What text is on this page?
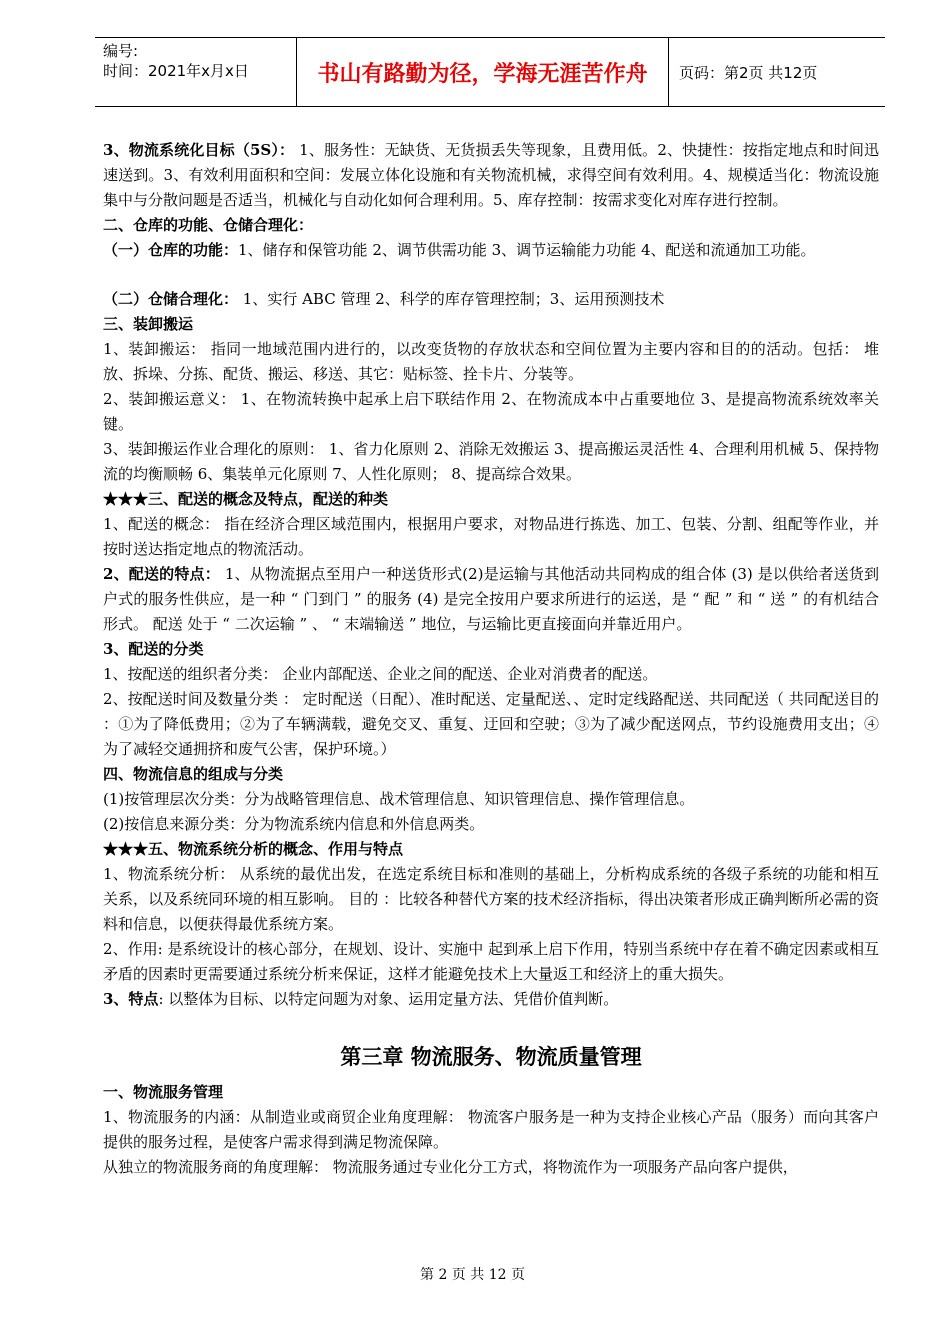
编号:
时间：2021年x月x日	书山有路勤为径，学海无涯苦作舟	页码：第2页 共12页

3、物流系统化目标（5S）： 1、服务性：无缺货、无货损丢失等现象，且费用低。2、快捷性：按指定地点和时间迅速送到。3、有效利用面积和空间：发展立体化设施和有关物流机械，求得空间有效利用。4、规模适当化：物流设施集中与分散问题是否适当，机械化与自动化如何合理利用。5、库存控制：按需求变化对库存进行控制。

二、仓库的功能、仓储合理化：

（一）仓库的功能：1、储存和保管功能 2、调节供需功能 3、调节运输能力功能 4、配送和流通加工功能。

（二）仓储合理化： 1、实行 ABC 管理 2、科学的库存管理控制；3、运用预测技术

三、装卸搬运

1、装卸搬运： 指同一地域范围内进行的，以改变货物的存放状态和空间位置为主要内容和目的的活动。包括： 堆放、拆垛、分拣、配货、搬运、移送、其它：贴标签、拴卡片、分装等。

2、装卸搬运意义： 1、在物流转换中起承上启下联结作用 2、在物流成本中占重要地位 3、是提高物流系统效率关键。

3、装卸搬运作业合理化的原则： 1、省力化原则 2、消除无效搬运 3、提高搬运灵活性 4、合理利用机械 5、保持物流的均衡顺畅 6、集装单元化原则 7、人性化原则； 8、提高综合效果。

★★★三、配送的概念及特点，配送的种类

1、配送的概念： 指在经济合理区域范围内，根据用户要求，对物品进行拣选、加工、包装、分割、组配等作业，并按时送达指定地点的物流活动。

2、配送的特点： 1、从物流据点至用户一种送货形式(2)是运输与其他活动共同构成的组合体 (3) 是以供给者送货到户式的服务性供应，是一种 “ 门到门 ” 的服务 (4) 是完全按用户要求所进行的运送，是 “ 配 ” 和 “ 送 ” 的有机结合形式。 配送 处于 “ 二次运输 ” 、 “ 末端输送 ” 地位，与运输比更直接面向并靠近用户。

3、配送的分类

1、按配送的组织者分类： 企业内部配送、企业之间的配送、企业对消费者的配送。

2、按配送时间及数量分类 ： 定时配送（日配）、准时配送、定量配送、、定时定线路配送、共同配送（ 共同配送目的 ：①为了降低费用；②为了车辆满载，避免交叉、重复、迂回和空驶；③为了减少配送网点，节约设施费用支出；④为了减轻交通拥挤和废气公害，保护环境。）

四、物流信息的组成与分类

(1)按管理层次分类：分为战略管理信息、战术管理信息、知识管理信息、操作管理信息。

(2)按信息来源分类：分为物流系统内信息和外信息两类。

★★★五、物流系统分析的概念、作用与特点

1、物流系统分析： 从系统的最优出发，在选定系统目标和准则的基础上，分析构成系统的各级子系统的功能和相互关系，以及系统同环境的相互影响。 目的 ：比较各种替代方案的技术经济指标，得出决策者形成正确判断所必需的资料和信息，以便获得最优系统方案。

2、作用: 是系统设计的核心部分，在规划、设计、实施中 起到承上启下作用，特别当系统中存在着不确定因素或相互矛盾的因素时更需要通过系统分析来保证，这样才能避免技术上大量返工和经济上的重大损失。

3、特点: 以整体为目标、以特定问题为对象、运用定量方法、凭借价值判断。

第三章 物流服务、物流质量管理

一、物流服务管理

1、物流服务的内涵：从制造业或商贸企业角度理解： 物流客户服务是一种为支持企业核心产品（服务）而向其客户提供的服务过程，是使客户需求得到满足物流保障。

从独立的物流服务商的角度理解： 物流服务通过专业化分工方式，将物流作为一项服务产品向客户提供，

第 2 页 共 12 页
